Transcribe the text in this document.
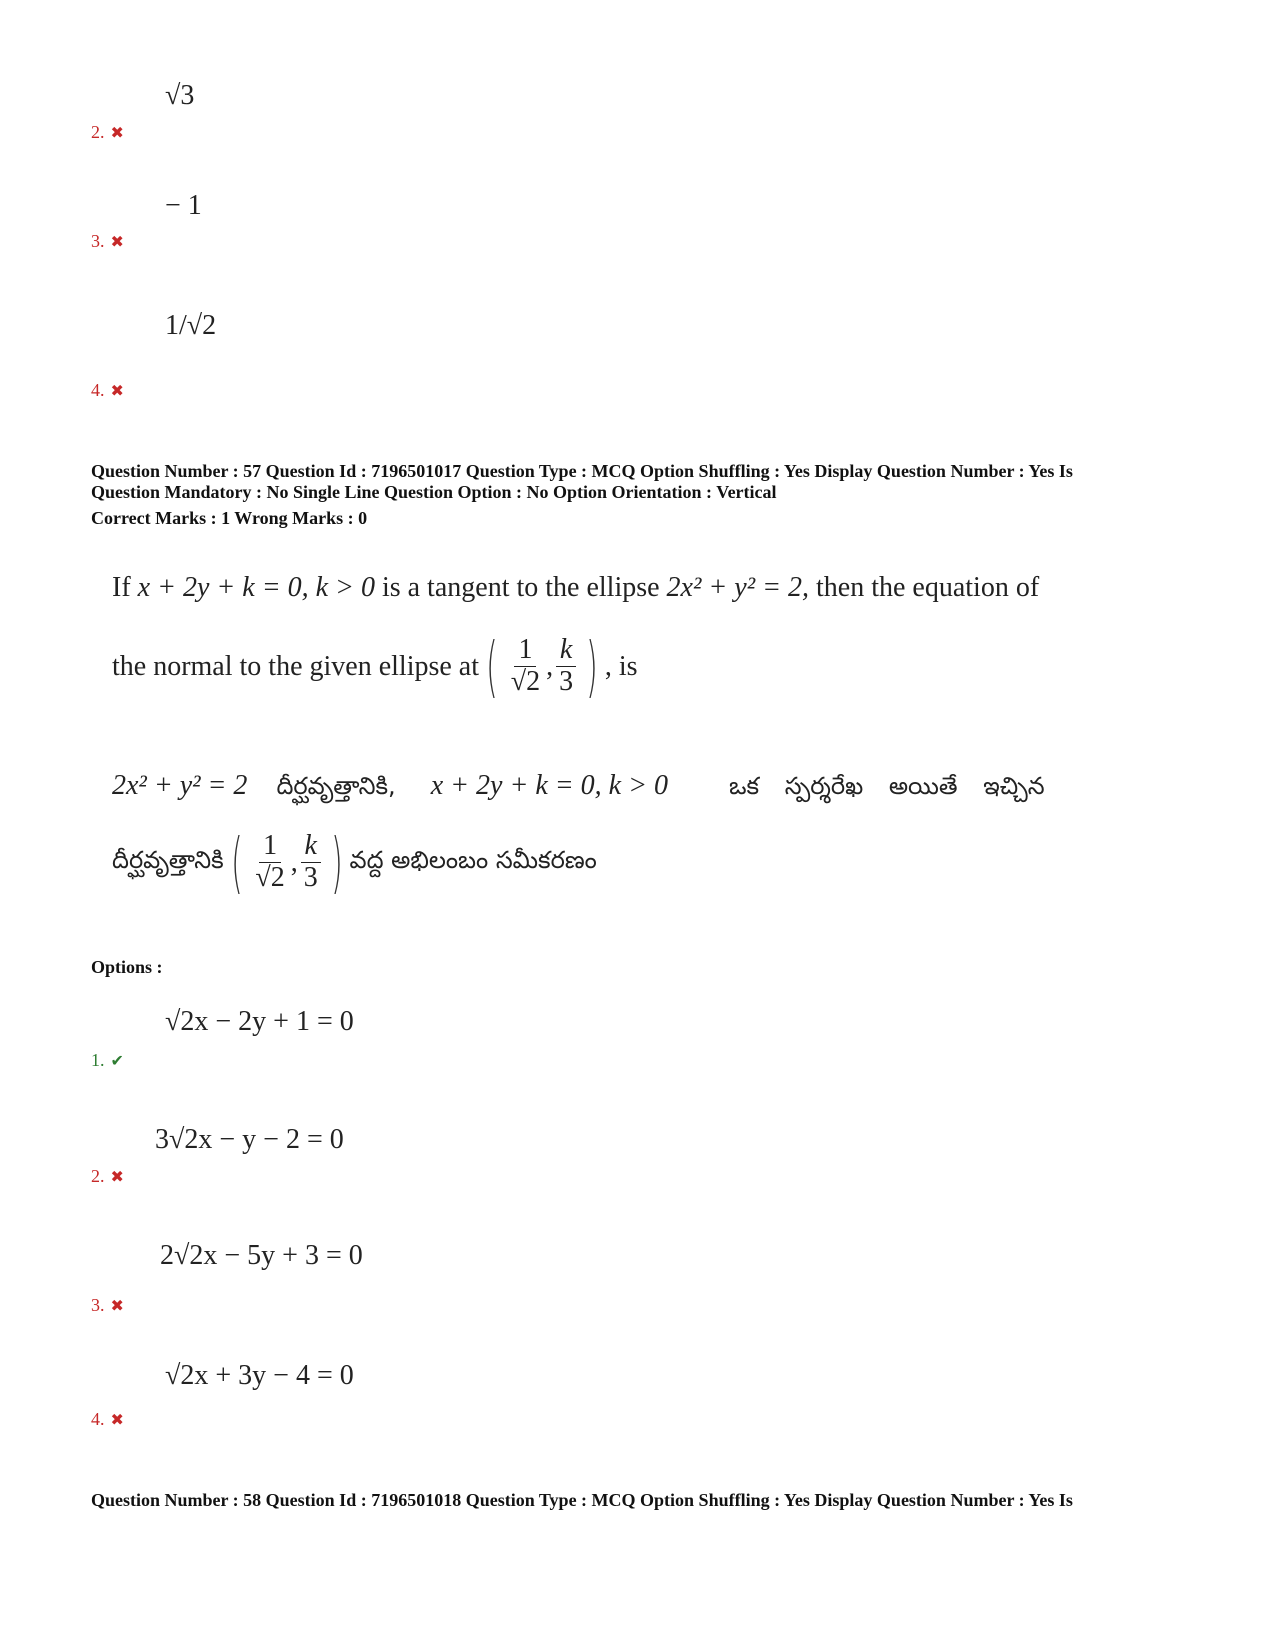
√3
2. ✖
− 1
3. ✖
1/√2
4. ✖
Question Number : 57 Question Id : 7196501017 Question Type : MCQ Option Shuffling : Yes Display Question Number : Yes Is
Question Mandatory : No Single Line Question Option : No Option Orientation : Vertical
Correct Marks : 1 Wrong Marks : 0
If x + 2y + k = 0, k > 0 is a tangent to the ellipse 2x² + y² = 2, then the equation of
the normal to the given ellipse at ( $\frac{1}{√2}$ , $\frac{k}{3}$ ) , is
2x² + y² = 2 దీర్ఘవృత్తానికి, x + 2y + k = 0, k > 0	ఒక స్పర్శరేఖ అయితే ఇచ్చిన
దీర్ఘవృత్తానికి ( $\frac{1}{√2}$ , $\frac{k}{3}$ ) వద్ద అభిలంబం సమీకరణం
Options :
√2x − 2y + 1 = 0
1. ✔
3√2x − y − 2 = 0
2. ✖
2√2x − 5y + 3 = 0
3. ✖
√2x + 3y − 4 = 0
4. ✖
Question Number : 58 Question Id : 7196501018 Question Type : MCQ Option Shuffling : Yes Display Question Number : Yes Is
